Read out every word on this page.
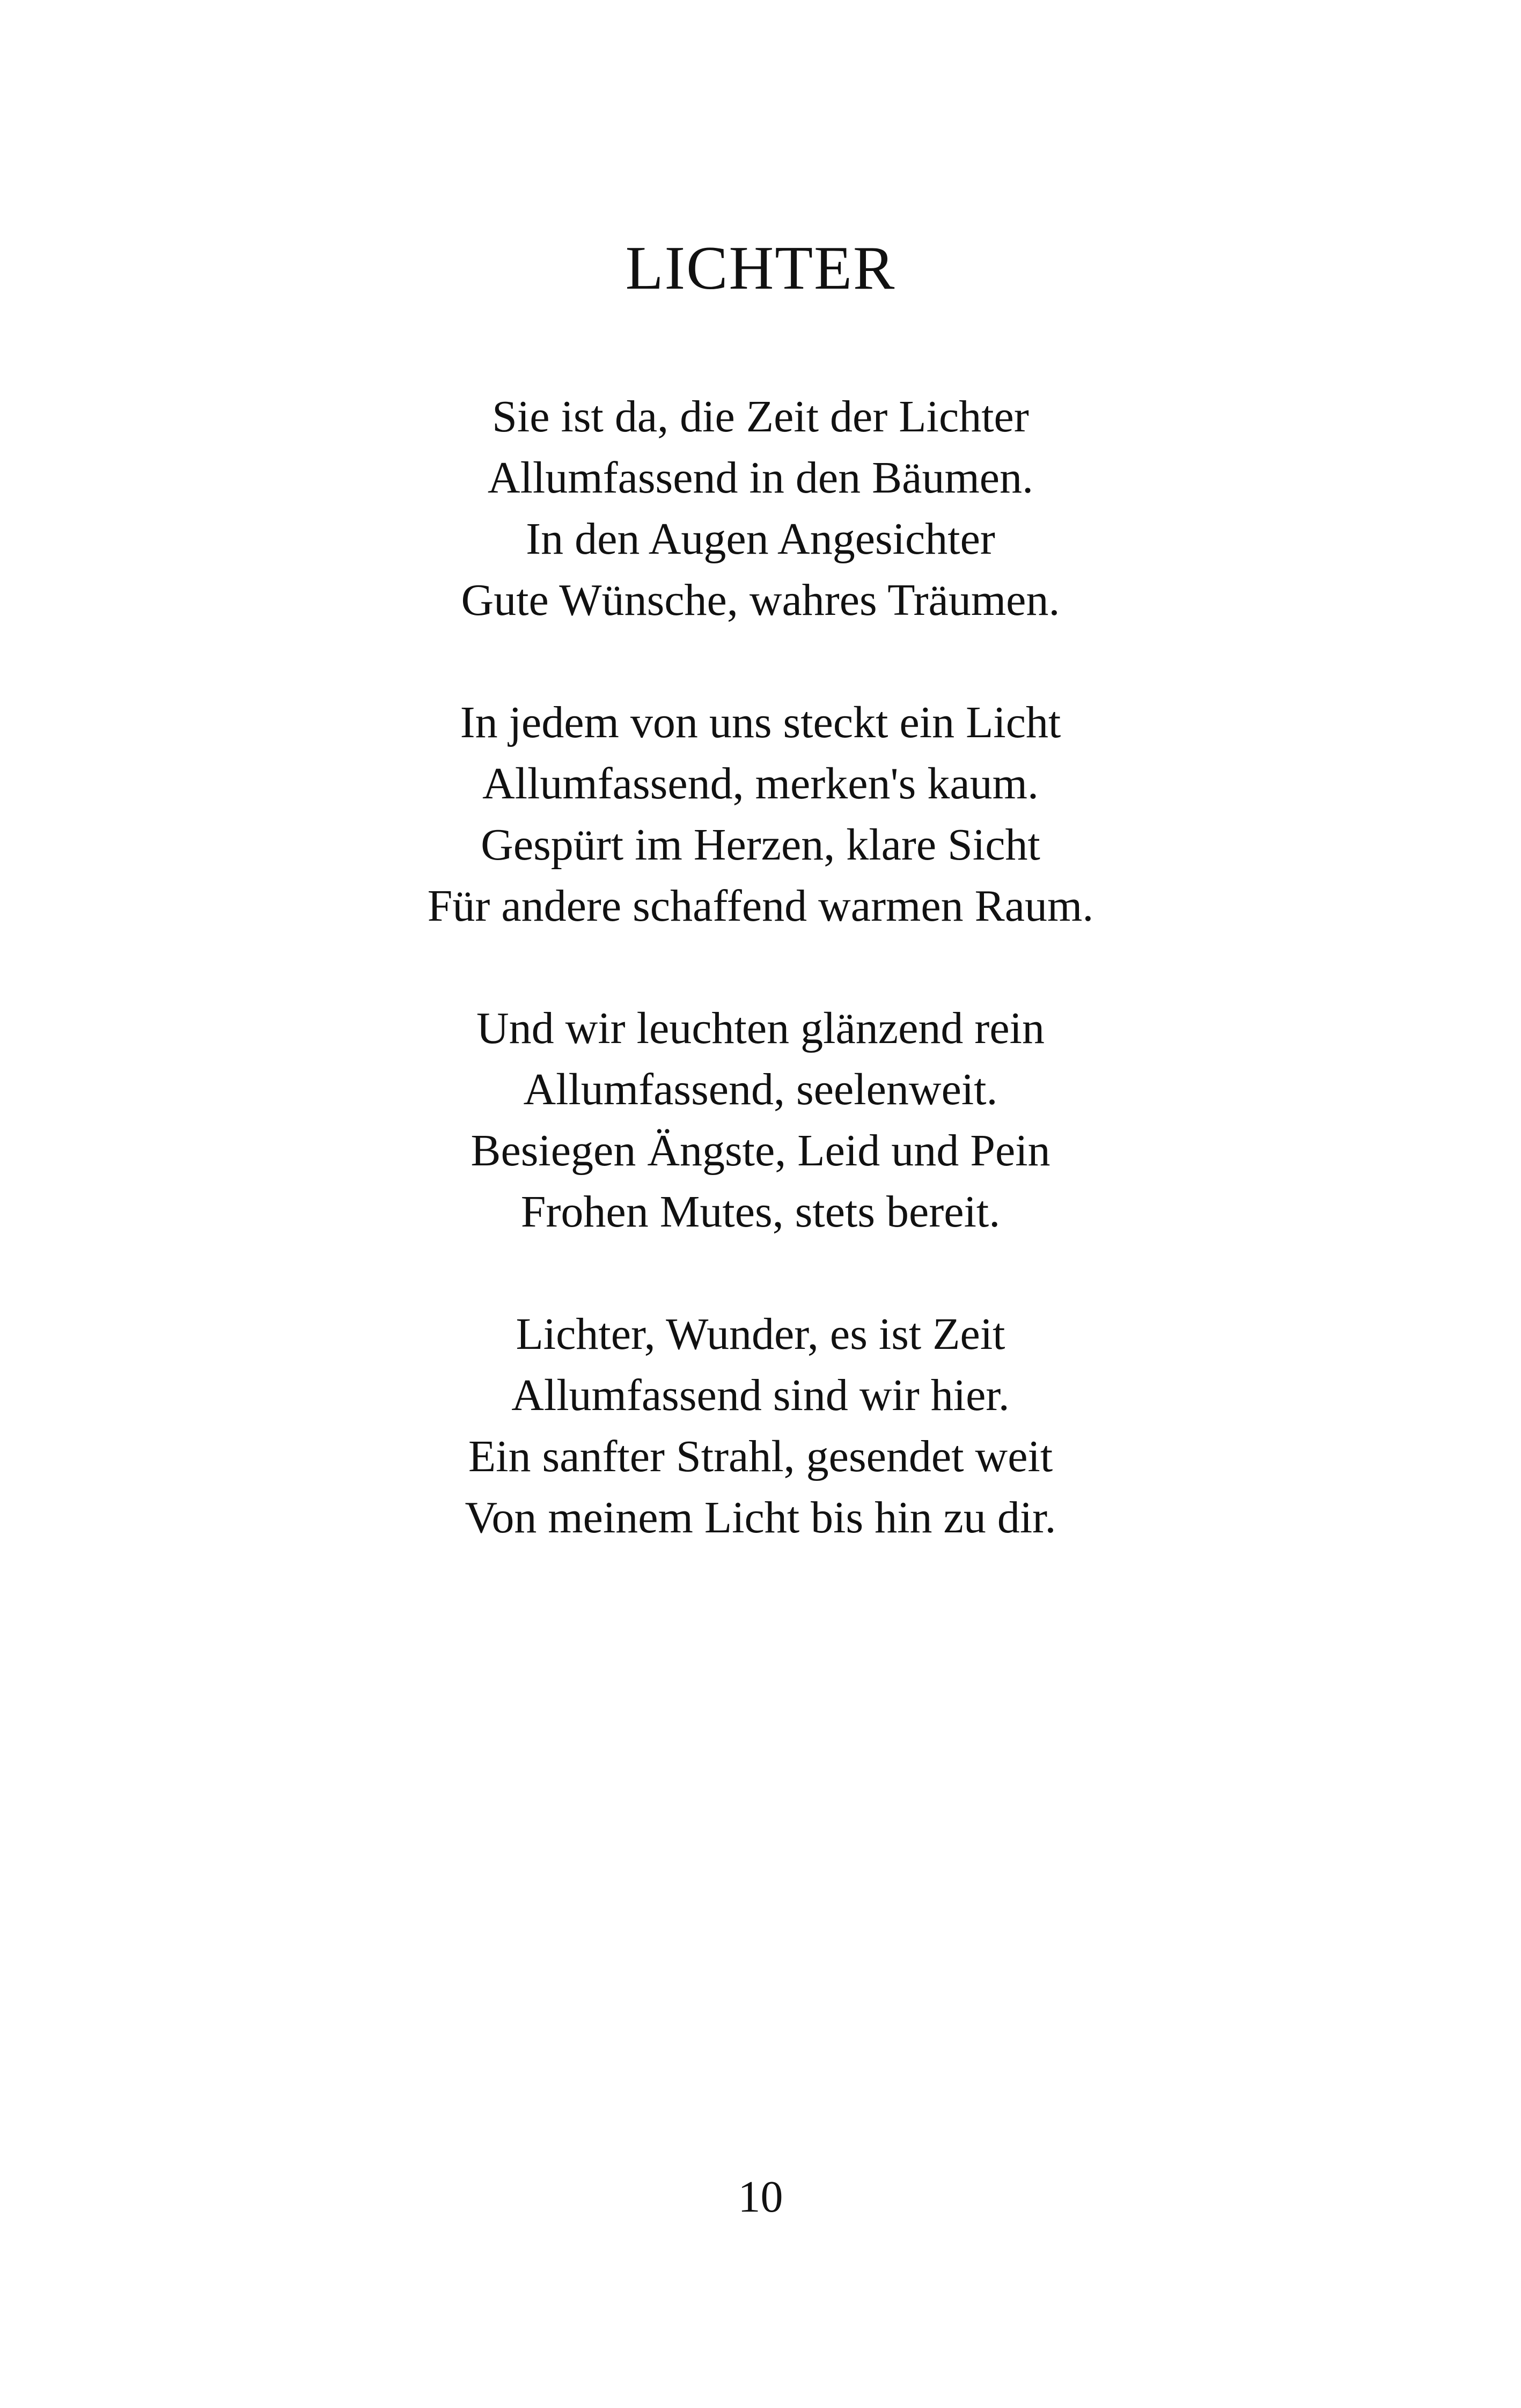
LICHTER
Sie ist da, die Zeit der Lichter
Allumfassend in den Bäumen.
In den Augen Angesichter
Gute Wünsche, wahres Träumen.
In jedem von uns steckt ein Licht
Allumfassend, merken's kaum.
Gespürt im Herzen, klare Sicht
Für andere schaffend warmen Raum.
Und wir leuchten glänzend rein
Allumfassend, seelenweit.
Besiegen Ängste, Leid und Pein
Frohen Mutes, stets bereit.
Lichter, Wunder, es ist Zeit
Allumfassend sind wir hier.
Ein sanfter Strahl, gesendet weit
Von meinem Licht bis hin zu dir.
10
